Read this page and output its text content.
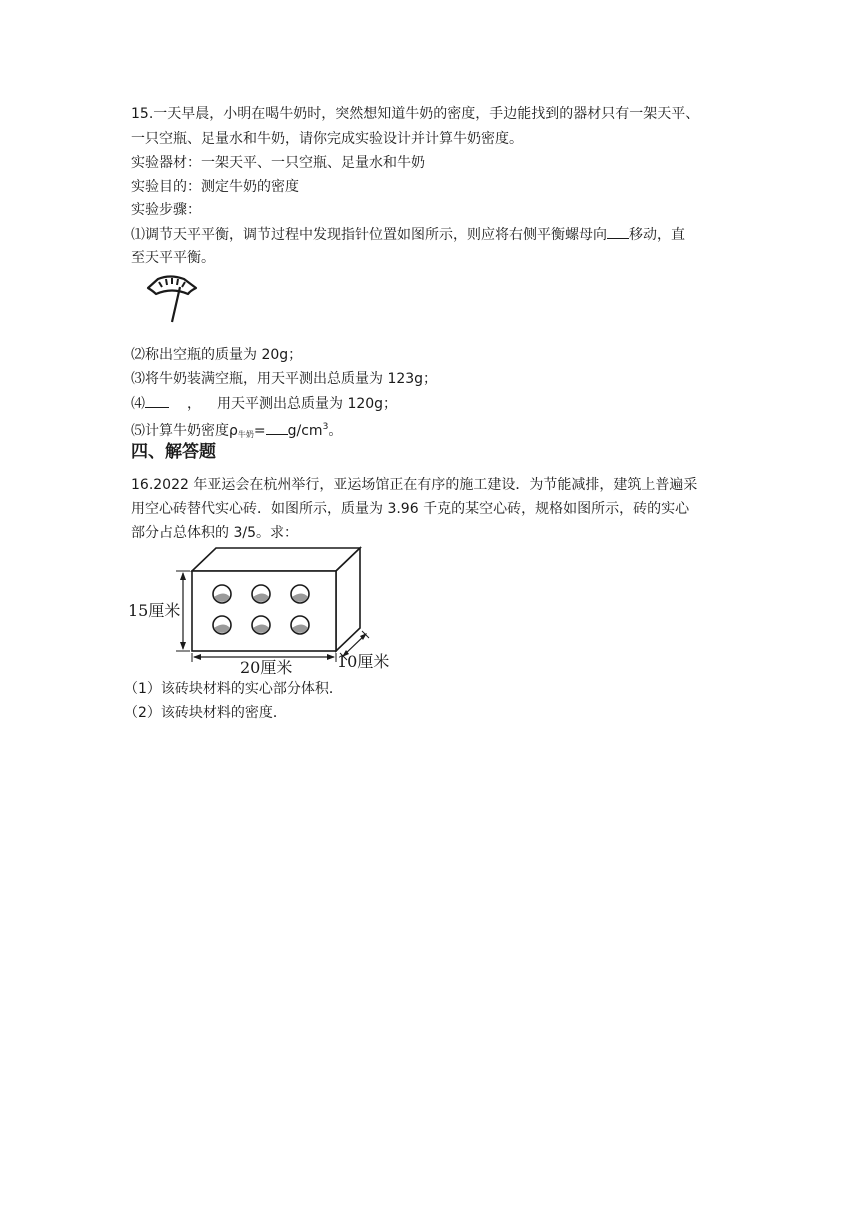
15.一天早晨，小明在喝牛奶时，突然想知道牛奶的密度，手边能找到的器材只有一架天平、
一只空瓶、足量水和牛奶，请你完成实验设计并计算牛奶密度。
实验器材：一架天平、一只空瓶、足量水和牛奶
实验目的：测定牛奶的密度
实验步骤：
⑴调节天平平衡，调节过程中发现指针位置如图所示，则应将右侧平衡螺母向 移动，直
至天平平衡。
⑵称出空瓶的质量为 20g；
⑶将牛奶装满空瓶，用天平测出总质量为 123g；
⑷	， 用天平测出总质量为 120g；
⑸计算牛奶密度$\rho_{牛奶}= g/cm^3$。
四、解答题
16.2022 年亚运会在杭州举行，亚运场馆正在有序的施工建设．为节能减排，建筑上普遍采
用空心砖替代实心砖．如图所示，质量为 3.96 千克的某空心砖，规格如图所示，砖的实心
部分占总体积的 3/5。求：
15厘米
20厘米	10厘米
（1）该砖块材料的实心部分体积．
（2）该砖块材料的密度．
